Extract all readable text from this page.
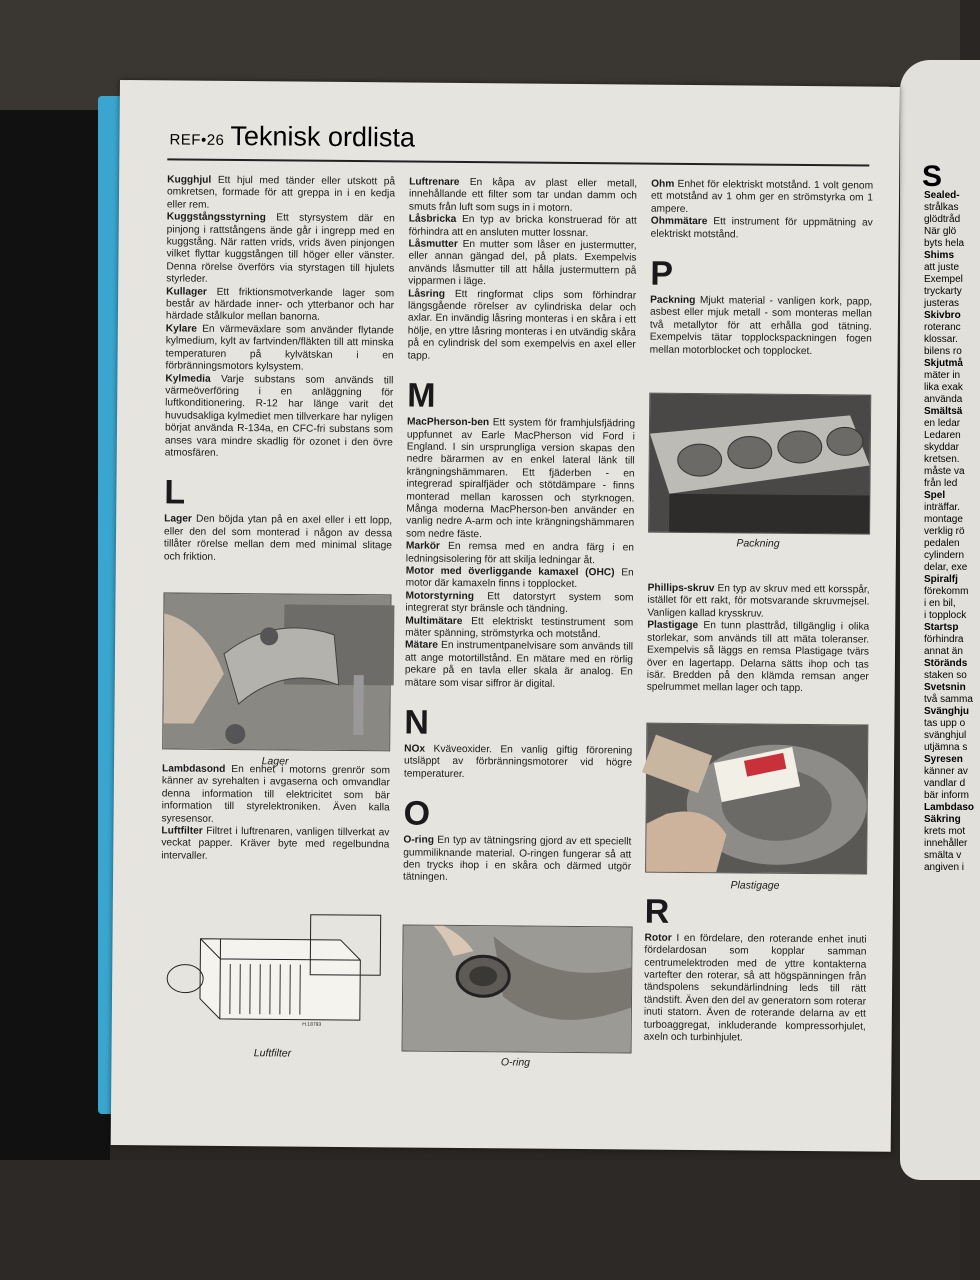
S
Sealed-
strålkas
glödtråd
När glö
byts hela
Shims
att juste
Exempel
tryckarty
justeras
Skivbro
roteranc
klossar.
bilens ro
Skjutmå
mäter in
lika exak
använda
Smältsä
en ledar
Ledaren
skyddar
kretsen.
måste va
från led
Spel
inträffar.
montage
verklig rö
pedalen
cylindern
delar, exe
Spiralfj
förekomm
i en bil,
i topplock
Startsp
förhindra
annat än
Störänds
staken so
Svetsnin
två samma
Svänghju
tas upp o
svänghjul
utjämna s
Syresen
känner av
vandlar d
bär inform
Lambdaso
Säkring
krets mot
innehåller
smälta v
angiven i
REF•26 Teknisk ordlista

Kugghjul Ett hjul med tänder eller utskott på omkretsen, formade för att greppa in i en kedja eller rem.

Kuggstångsstyrning Ett styrsystem där en pinjong i rattstångens ände går i ingrepp med en kuggstång. När ratten vrids, vrids även pinjongen vilket flyttar kuggstången till höger eller vänster. Denna rörelse överförs via styrstagen till hjulets styrleder.

Kullager Ett friktionsmotverkande lager som består av härdade inner- och ytterbanor och har härdade stålkulor mellan banorna.

Kylare En värmeväxlare som använder flytande kylmedium, kylt av fartvinden/fläkten till att minska temperaturen på kylvätskan i en förbränningsmotors kylsystem.

Kylmedia Varje substans som används till värmeöverföring i en anläggning för luftkonditionering. R-12 har länge varit det huvudsakliga kylmediet men tillverkare har nyligen börjat använda R-134a, en CFC-fri substans som anses vara mindre skadlig för ozonet i den övre atmosfären.

L

Lager Den böjda ytan på en axel eller i ett lopp, eller den del som monterad i någon av dessa tillåter rörelse mellan dem med minimal slitage och friktion.

Lambdasond En enhet i motorns grenrör som känner av syrehalten i avgaserna och omvandlar denna information till elektricitet som bär information till styrelektroniken. Även kalla syresensor.

Luftfilter Filtret i luftrenaren, vanligen tillverkat av veckat papper. Kräver byte med regelbundna intervaller.

Lager
H.18793
Luftfilter

Luftrenare En kåpa av plast eller metall, innehållande ett filter som tar undan damm och smuts från luft som sugs in i motorn.

Låsbricka En typ av bricka konstruerad för att förhindra att en ansluten mutter lossnar.

Låsmutter En mutter som låser en justermutter, eller annan gängad del, på plats. Exempelvis används låsmutter till att hålla justermuttern på vipparmen i läge.

Låsring Ett ringformat clips som förhindrar längsgående rörelser av cylindriska delar och axlar. En invändig låsring monteras i en skåra i ett hölje, en yttre låsring monteras i en utvändig skåra på en cylindrisk del som exempelvis en axel eller tapp.

M

MacPherson-ben Ett system för framhjulsfjädring uppfunnet av Earle MacPherson vid Ford i England. I sin ursprungliga version skapas den nedre bärarmen av en enkel lateral länk till krängningshämmaren. Ett fjäderben - en integrerad spiralfjäder och stötdämpare - finns monterad mellan karossen och styrknogen. Många moderna MacPherson-ben använder en vanlig nedre A-arm och inte krängningshämmaren som nedre fäste.

Markör En remsa med en andra färg i en ledningsisolering för att skilja ledningar åt.

Motor med överliggande kamaxel (OHC) En motor där kamaxeln finns i topplocket.

Motorstyrning Ett datorstyrt system som integrerat styr bränsle och tändning.

Multimätare Ett elektriskt testinstrument som mäter spänning, strömstyrka och motstånd.

Mätare En instrumentpanelvisare som används till att ange motortillstånd. En mätare med en rörlig pekare på en tavla eller skala är analog. En mätare som visar siffror är digital.

N

NOx Kväveoxider. En vanlig giftig förorening utsläppt av förbränningsmotorer vid högre temperaturer.

O

O-ring En typ av tätningsring gjord av ett speciellt gummiliknande material. O-ringen fungerar så att den trycks ihop i en skåra och därmed utgör tätningen.

O-ring

Ohm Enhet för elektriskt motstånd. 1 volt genom ett motstånd av 1 ohm ger en strömstyrka om 1 ampere.

Ohmmätare Ett instrument för uppmätning av elektriskt motstånd.

P

Packning Mjukt material - vanligen kork, papp, asbest eller mjuk metall - som monteras mellan två metallytor för att erhålla god tätning. Exempelvis tätar topplockspackningen fogen mellan motorblocket och topplocket.

Phillips-skruv En typ av skruv med ett korsspår, istället för ett rakt, för motsvarande skruvmejsel. Vanligen kallad krysskruv.

Plastigage En tunn plasttråd, tillgänglig i olika storlekar, som används till att mäta toleranser. Exempelvis så läggs en remsa Plastigage tvärs över en lagertapp. Delarna sätts ihop och tas isär. Bredden på den klämda remsan anger spelrummet mellan lager och tapp.

R

Rotor I en fördelare, den roterande enhet inuti fördelardosan som kopplar samman centrumelektroden med de yttre kontakterna vartefter den roterar, så att högspänningen från tändspolens sekundärlindning leds till rätt tändstift. Även den del av generatorn som roterar inuti statorn. Även de roterande delarna av ett turboaggregat, inkluderande kompressorhjulet, axeln och turbinhjulet.

Packning
Plastigage
